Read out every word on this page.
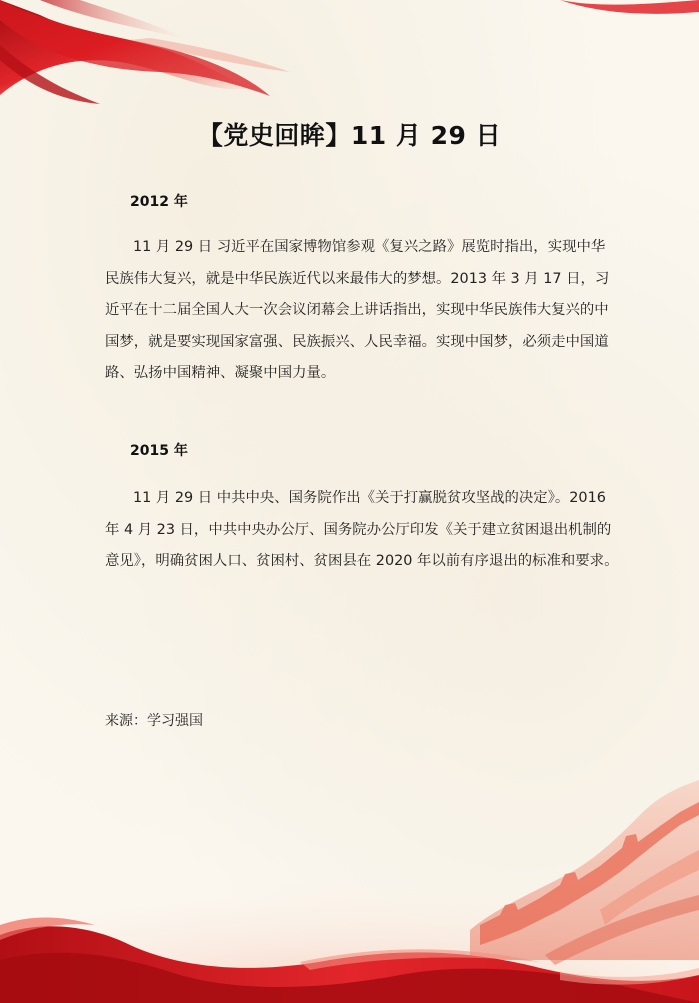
【党史回眸】11 月 29 日
2012 年

11 月 29 日 习近平在国家博物馆参观《复兴之路》展览时指出，实现中华
民族伟大复兴，就是中华民族近代以来最伟大的梦想。2013 年 3 月 17 日，习
近平在十二届全国人大一次会议闭幕会上讲话指出，实现中华民族伟大复兴的中
国梦，就是要实现国家富强、民族振兴、人民幸福。实现中国梦，必须走中国道
路、弘扬中国精神、凝聚中国力量。

2015 年

11 月 29 日 中共中央、国务院作出《关于打赢脱贫攻坚战的决定》。2016
年 4 月 23 日，中共中央办公厅、国务院办公厅印发《关于建立贫困退出机制的
意见》，明确贫困人口、贫困村、贫困县在 2020 年以前有序退出的标准和要求。

来源：学习强国
